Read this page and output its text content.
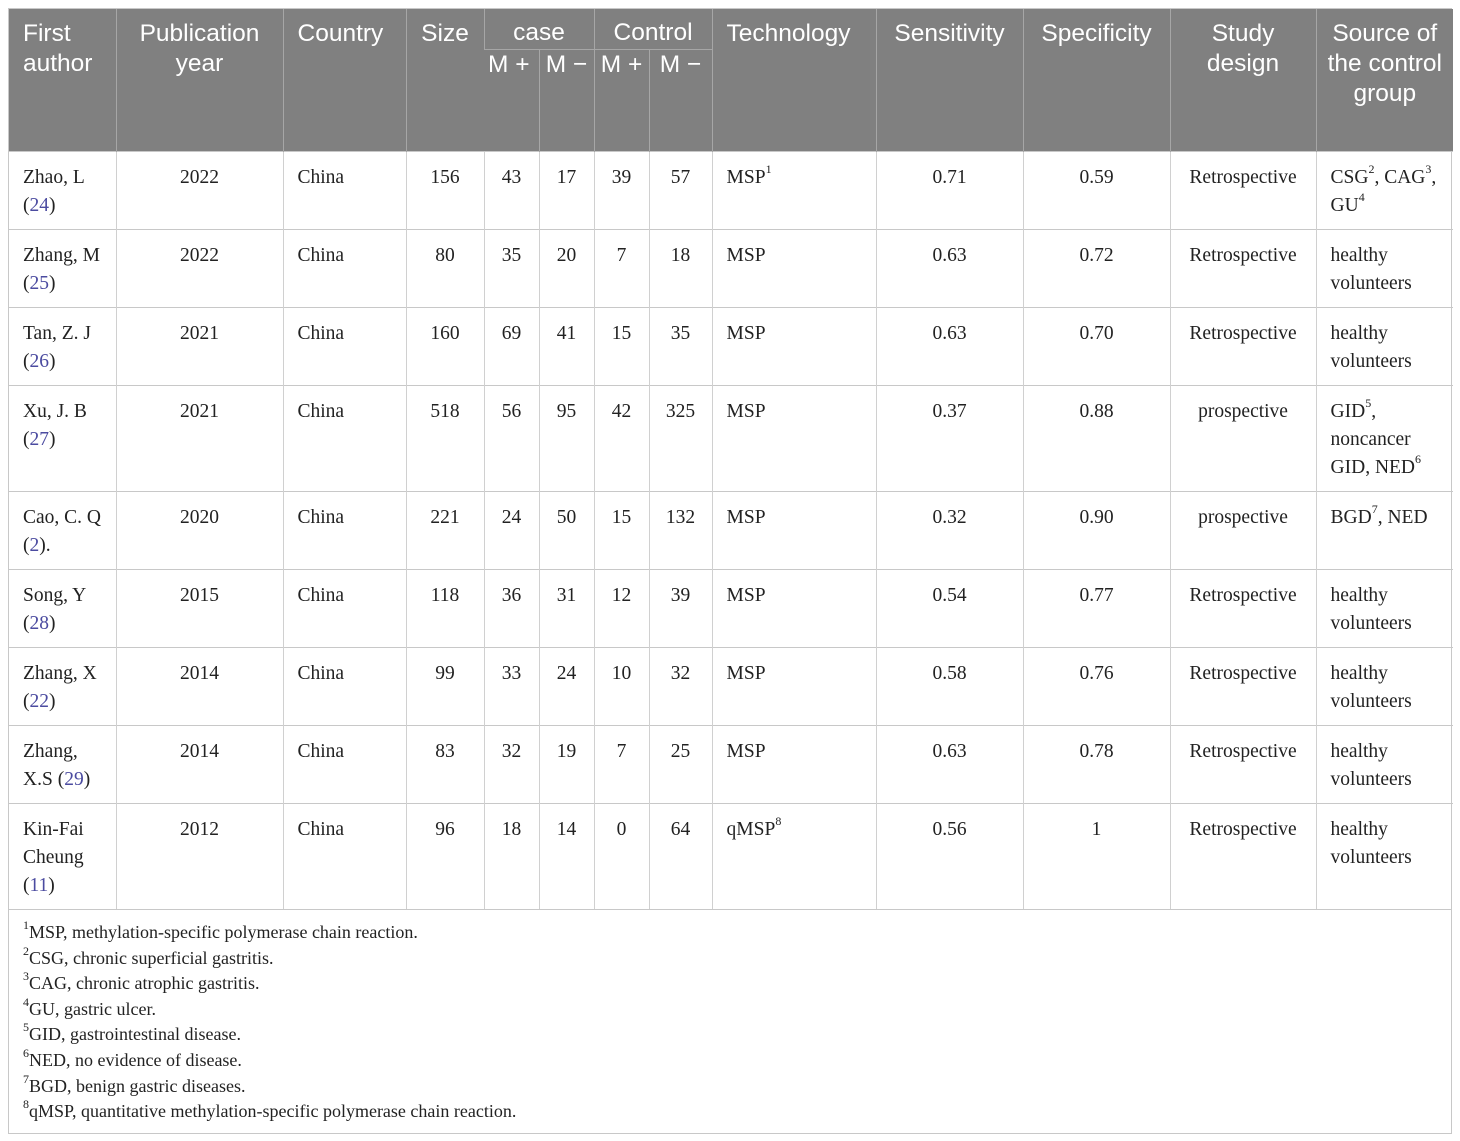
First author	Publication year	Country	Size	case		Control		Technology	Sensitivity	Specificity	Study design	Source of the control group
				M +	M −	M +	M −					
Zhao, L (24)	2022	China	156	43	17	39	57	MSP$^1$	0.71	0.59	Retrospective	CSG$^2$, CAG$^3$, $GU^4$
Zhang, M (25)	2022	China	80	35	20	7	18	MSP	0.63	0.72	Retrospective	healthy volunteers
Tan, Z. J (26)	2021	China	160	69	41	15	35	MSP	0.63	0.70	Retrospective	healthy volunteers
Xu, J. B (27)	2021	China	518	56	95	42	325	MSP	0.37	0.88	prospective	GID$^5$, noncancer GID, NED$^6$
Cao, C. Q (2).	2020	China	221	24	50	15	132	MSP	0.32	0.90	prospective	BGD$^7$, NED
Song, Y (28)	2015	China	118	36	31	12	39	MSP	0.54	0.77	Retrospective	healthy volunteers
Zhang, X (22)	2014	China	99	33	24	10	32	MSP	0.58	0.76	Retrospective	healthy volunteers
Zhang, X.S (29)	2014	China	83	32	19	7	25	MSP	0.63	0.78	Retrospective	healthy volunteers
Kin-Fai Cheung (11)	2012	China	96	18	14	0	64	qMSP$^8$	0.56	1	Retrospective	healthy volunteers
$^1$MSP, methylation-specific polymerase chain reaction.
$^2$CSG, chronic superficial gastritis.
$^3$CAG, chronic atrophic gastritis.
$^4$GU, gastric ulcer.
$^5$GID, gastrointestinal disease.
$^6$NED, no evidence of disease.
$^7$BGD, benign gastric diseases.
$^8$qMSP, quantitative methylation-specific polymerase chain reaction.
